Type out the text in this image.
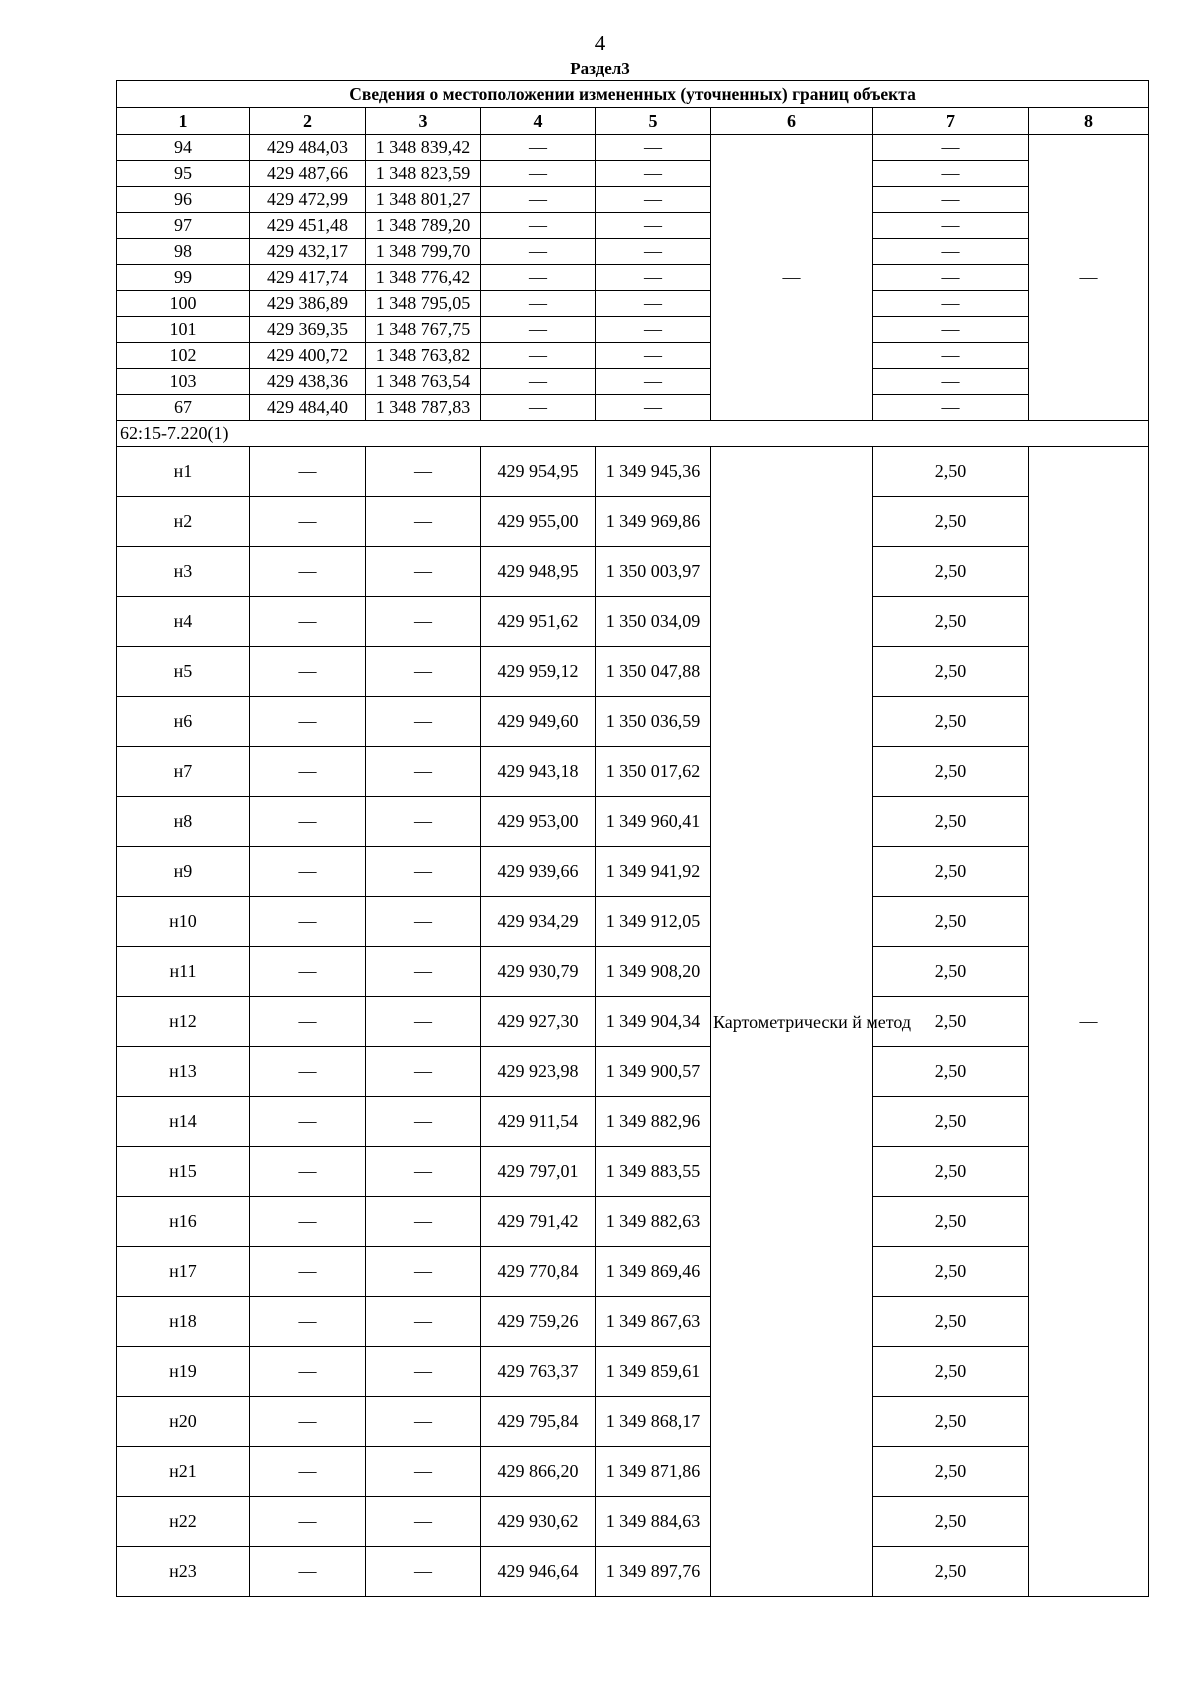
4
Раздел3
Сведения о местоположении измененных (уточненных) границ объекта							
1	2	3	4	5	6	7	8
94	429 484,03	1 348 839,42	—	—	—	—	—
95	429 487,66	1 348 823,59	—	—		—	
96	429 472,99	1 348 801,27	—	—		—	
97	429 451,48	1 348 789,20	—	—		—	
98	429 432,17	1 348 799,70	—	—		—	
99	429 417,74	1 348 776,42	—	—		—	
100	429 386,89	1 348 795,05	—	—		—	
101	429 369,35	1 348 767,75	—	—		—	
102	429 400,72	1 348 763,82	—	—		—	
103	429 438,36	1 348 763,54	—	—		—	
67	429 484,40	1 348 787,83	—	—		—	
62:15-7.220(1)							
н1	—	—	429 954,95	1 349 945,36	Картометрически й метод	2,50	—
н2	—	—	429 955,00	1 349 969,86		2,50	
н3	—	—	429 948,95	1 350 003,97		2,50	
н4	—	—	429 951,62	1 350 034,09		2,50	
н5	—	—	429 959,12	1 350 047,88		2,50	
н6	—	—	429 949,60	1 350 036,59		2,50	
н7	—	—	429 943,18	1 350 017,62		2,50	
н8	—	—	429 953,00	1 349 960,41		2,50	
н9	—	—	429 939,66	1 349 941,92		2,50	
н10	—	—	429 934,29	1 349 912,05		2,50	
н11	—	—	429 930,79	1 349 908,20		2,50	
н12	—	—	429 927,30	1 349 904,34		2,50	
н13	—	—	429 923,98	1 349 900,57		2,50	
н14	—	—	429 911,54	1 349 882,96		2,50	
н15	—	—	429 797,01	1 349 883,55		2,50	
н16	—	—	429 791,42	1 349 882,63		2,50	
н17	—	—	429 770,84	1 349 869,46		2,50	
н18	—	—	429 759,26	1 349 867,63		2,50	
н19	—	—	429 763,37	1 349 859,61		2,50	
н20	—	—	429 795,84	1 349 868,17		2,50	
н21	—	—	429 866,20	1 349 871,86		2,50	
н22	—	—	429 930,62	1 349 884,63		2,50	
н23	—	—	429 946,64	1 349 897,76		2,50	
